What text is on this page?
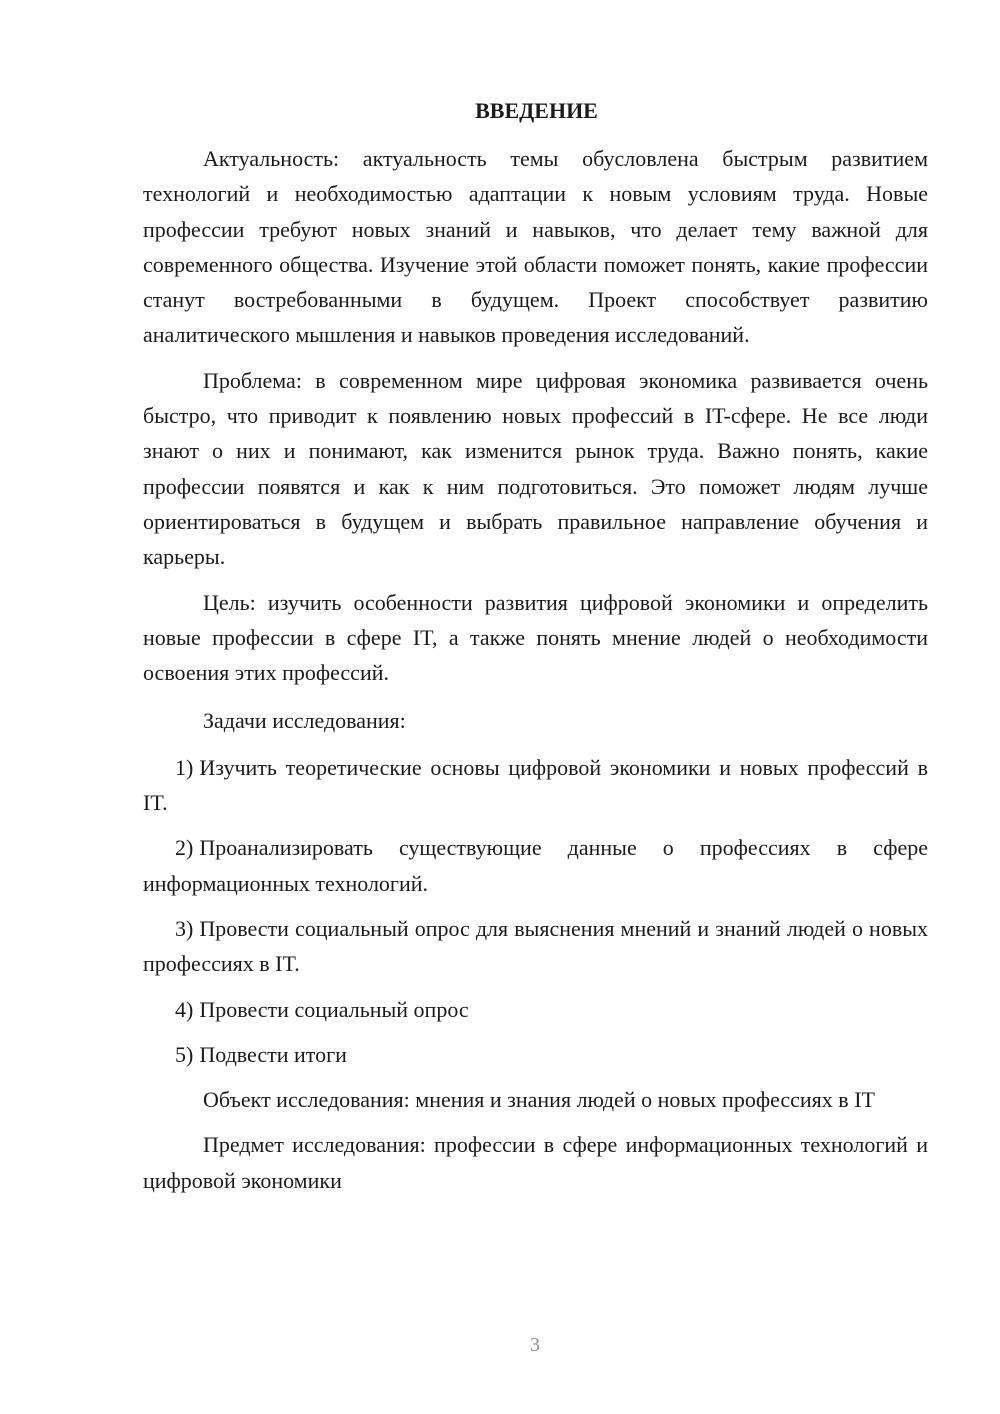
ВВЕДЕНИЕ

Актуальность: актуальность темы обусловлена быстрым развитием технологий и необходимостью адаптации к новым условиям труда. Новые профессии требуют новых знаний и навыков, что делает тему важной для современного общества. Изучение этой области поможет понять, какие профессии станут востребованными в будущем. Проект способствует развитию аналитического мышления и навыков проведения исследований.

Проблема: в современном мире цифровая экономика развивается очень быстро, что приводит к появлению новых профессий в IT-сфере. Не все люди знают о них и понимают, как изменится рынок труда. Важно понять, какие профессии появятся и как к ним подготовиться. Это поможет людям лучше ориентироваться в будущем и выбрать правильное направление обучения и карьеры.

Цель: изучить особенности развития цифровой экономики и определить новые профессии в сфере IT, а также понять мнение людей о необходимости освоения этих профессий.

Задачи исследования:
1) Изучить теоретические основы цифровой экономики и новых профессий в IT.
2) Проанализировать существующие данные о профессиях в сфере информационных технологий.
3) Провести социальный опрос для выяснения мнений и знаний людей о новых профессиях в IT.
4) Провести социальный опрос
5) Подвести итоги

Объект исследования: мнения и знания людей о новых профессиях в IT

Предмет исследования: профессии в сфере информационных технологий и цифровой экономики

3
